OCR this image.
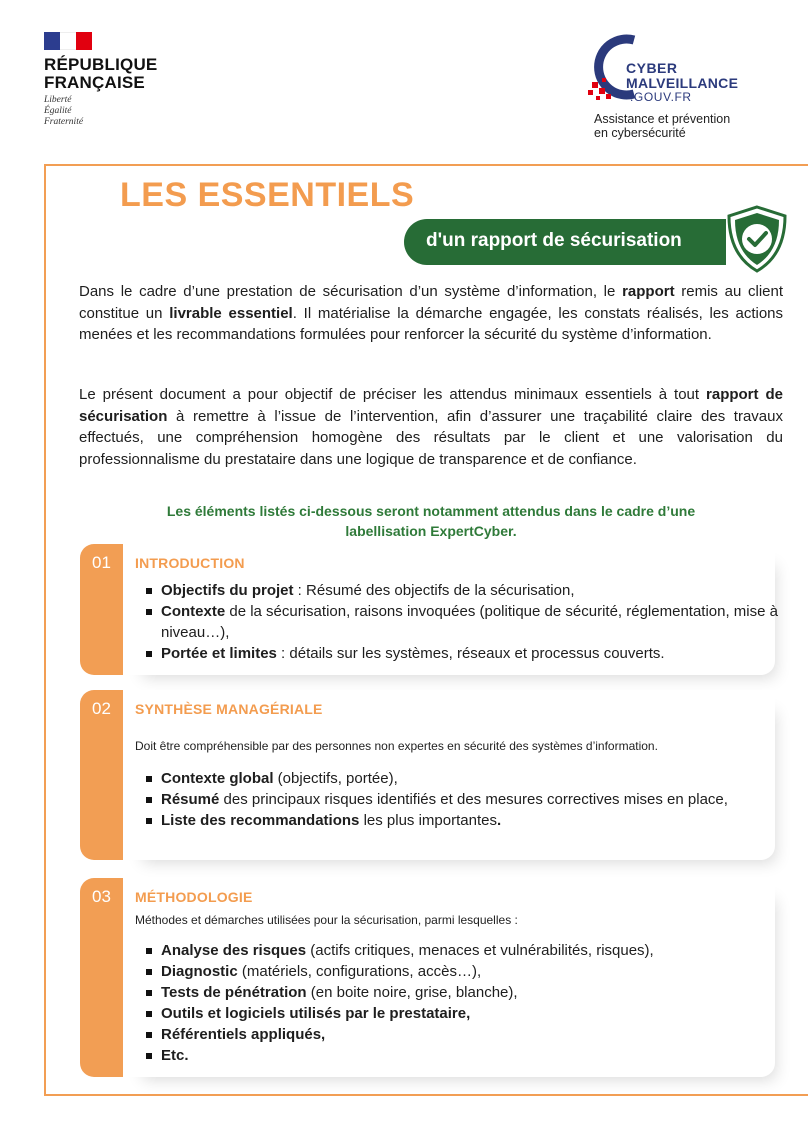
RÉPUBLIQUE
FRANÇAISE
Liberté
Égalité
Fraternité
CYBER
MALVEILLANCE
.GOUV.FR
Assistance et prévention
en cybersécurité
LES ESSENTIELS
d'un rapport de sécurisation

Dans le cadre d’une prestation de sécurisation d’un système d’information, le rapport remis au client constitue un livrable essentiel. Il matérialise la démarche engagée, les constats réalisés, les actions menées et les recommandations formulées pour renforcer la sécurité du système d’information.

Le présent document a pour objectif de préciser les attendus minimaux essentiels à tout rapport de sécurisation à remettre à l’issue de l’intervention, afin d’assurer une traçabilité claire des travaux effectués, une compréhension homogène des résultats par le client et une valorisation du professionnalisme du prestataire dans une logique de transparence et de confiance.

Les éléments listés ci-dessous seront notamment attendus dans le cadre d’une
labellisation ExpertCyber.
01	INTRODUCTION
Objectifs du projet : Résumé des objectifs de la sécurisation,
Contexte de la sécurisation, raisons invoquées (politique de sécurité, réglementation, mise à niveau…),
Portée et limites : détails sur les systèmes, réseaux et processus couverts.
02	SYNTHÈSE MANAGÉRIALE
Doit être compréhensible par des personnes non expertes en sécurité des systèmes d’information.
Contexte global (objectifs, portée),
Résumé des principaux risques identifiés et des mesures correctives mises en place,
Liste des recommandations les plus importantes.
03	MÉTHODOLOGIE
Méthodes et démarches utilisées pour la sécurisation, parmi lesquelles :
Analyse des risques (actifs critiques, menaces et vulnérabilités, risques),
Diagnostic (matériels, configurations, accès…),
Tests de pénétration (en boite noire, grise, blanche),
Outils et logiciels utilisés par le prestataire,
Référentiels appliqués,
Etc.
